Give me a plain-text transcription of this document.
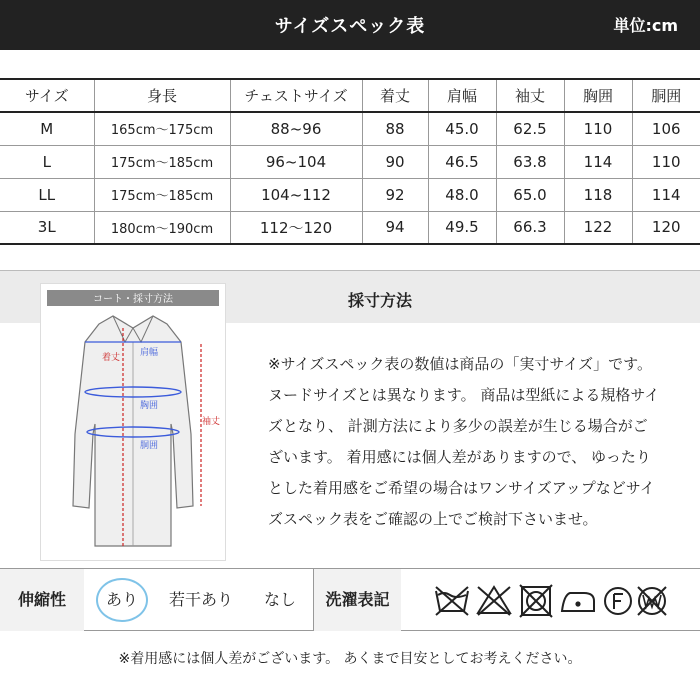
サイズスペック表	単位:cm
サイズ	身長	チェストサイズ	着丈	肩幅	袖丈	胸囲	胴囲
M	165cm〜175cm	88~96	88	45.0	62.5	110	106
L	175cm〜185cm	96~104	90	46.5	63.8	114	110
LL	175cm〜185cm	104~112	92	48.0	65.0	118	114
3L	180cm〜190cm	112〜120	94	49.5	66.3	122	120
採寸方法
コート・採寸方法
肩幅
胸囲
胴囲
着丈
袖丈
※サイズスペック表の数値は商品の「実寸サイズ」です。
ヌードサイズとは異なります。 商品は型紙による規格サイ
ズとなり、 計測方法により多少の誤差が生じる場合がご
ざいます。 着用感には個人差がありますので、 ゆったり
とした着用感をご希望の場合はワンサイズアップなどサイ
ズスペック表をご確認の上でご検討下さいませ。
伸縮性	あり	若干あり	なし	洗濯表記
※着用感には個人差がございます。 あくまで目安としてお考えください。
